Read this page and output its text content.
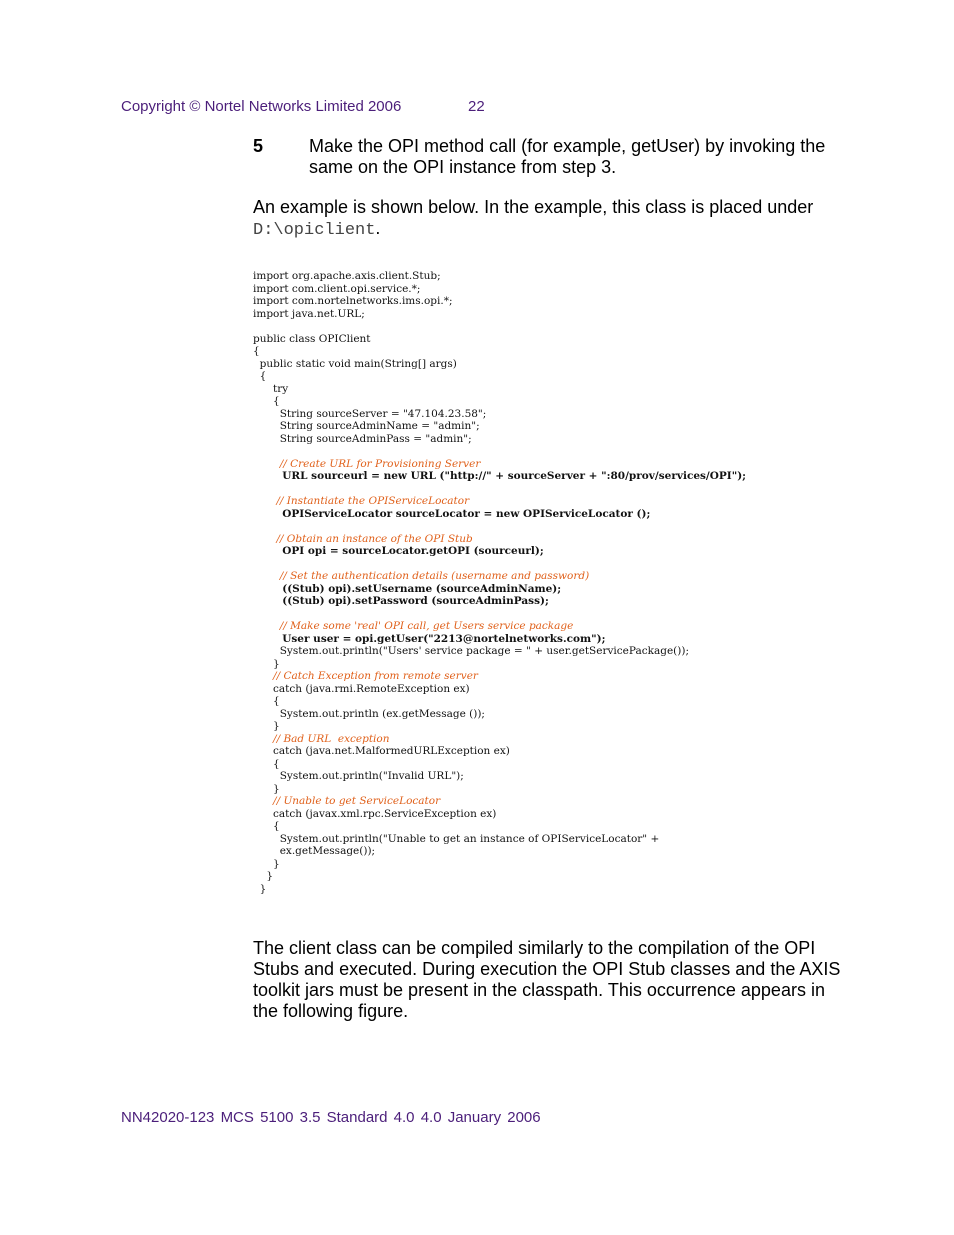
Copyright © Nortel Networks Limited 2006	22
5	Make the OPI method call (for example, getUser) by invoking the same on the OPI instance from step 3.
An example is shown below. In the example, this class is placed under
D:\opiclient.
import org.apache.axis.client.Stub;
import com.client.opi.service.*;
import com.nortelnetworks.ims.opi.*;
import java.net.URL;
public class OPIClient
{
public static void main(String[] args)
{
try
{
String sourceServer = "47.104.23.58";
String sourceAdminName = "admin";
String sourceAdminPass = "admin";
// Create URL for Provisioning Server
URL sourceurl = new URL ("http://" + sourceServer + ":80/prov/services/OPI");
// Instantiate the OPIServiceLocator
OPIServiceLocator sourceLocator = new OPIServiceLocator ();
// Obtain an instance of the OPI Stub
OPI opi = sourceLocator.getOPI (sourceurl);
// Set the authentication details (username and password)
((Stub) opi).setUsername (sourceAdminName);
((Stub) opi).setPassword (sourceAdminPass);
// Make some 'real' OPI call, get Users service package
User user = opi.getUser("2213@nortelnetworks.com");
System.out.println("Users' service package = " + user.getServicePackage());
}
// Catch Exception from remote server
catch (java.rmi.RemoteException ex)
{
System.out.println (ex.getMessage ());
}
// Bad URL  exception
catch (java.net.MalformedURLException ex)
{
System.out.println("Invalid URL");
}
// Unable to get ServiceLocator
catch (javax.xml.rpc.ServiceException ex)
{
System.out.println("Unable to get an instance of OPIServiceLocator" +
ex.getMessage());
}
}
}
The client class can be compiled similarly to the compilation of the OPI Stubs and executed. During execution the OPI Stub classes and the AXIS toolkit jars must be present in the classpath. This occurrence appears in the following figure.
NN42020-123 MCS 5100 3.5 Standard 4.0 4.0 January 2006
